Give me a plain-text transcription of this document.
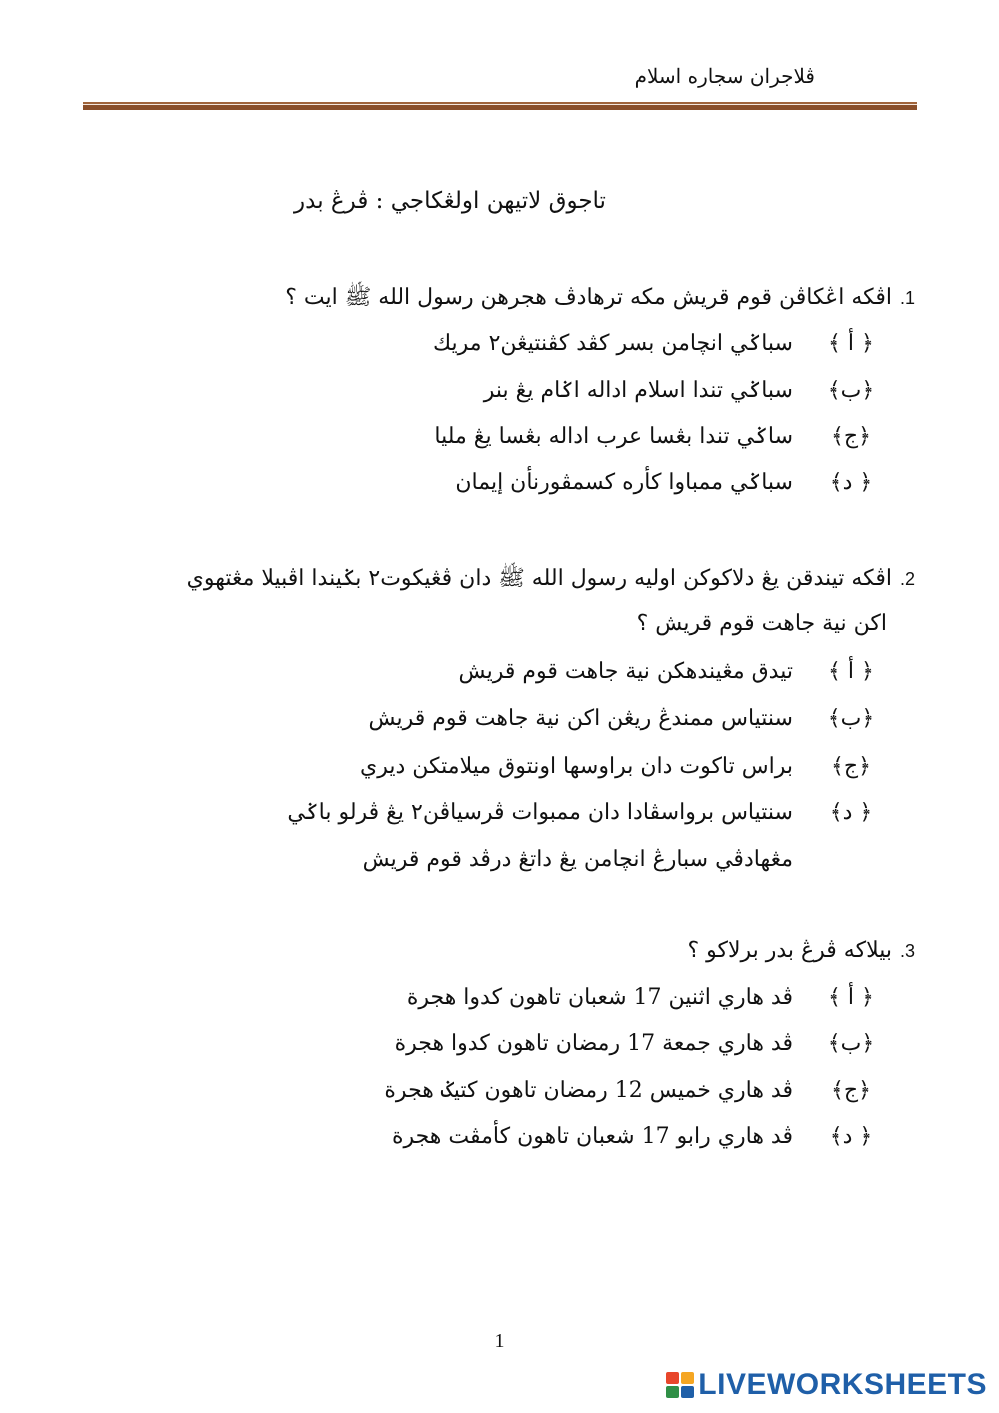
ڤلاجران سجاره اسلام
تاجوق لاتيهن اولڠكاجي : ڤرڠ بدر
1.اڤكه اڠكاڤن قوم قريش مكه ترهادڤ هجرهن رسول الله ﷺ ايت ؟
﴿ أ ﴾
سباݢي انچامن بسر كڤد كڤنتيڠن٢ مريك
﴿ب﴾
سباݢي تندا اسلام اداله اݢام يڠ بنر
﴿ج﴾
ساݢي تندا بڠسا عرب اداله بڠسا يڠ مليا
﴿ د﴾
سباݢي ممباوا كأره كسمڤورنأن إيمان
2.اڤكه تيندقن يڠ دلاكوكن اوليه رسول الله ﷺ دان ڤڠيكوت٢ بݢيندا اڤبيلا مڠتهوي
اكن نية جاهت قوم قريش ؟
﴿ أ ﴾
تيدق مڠيندهكن نية جاهت قوم قريش
﴿ب﴾
سنتياس ممندڠ ريڠن اكن نية جاهت قوم قريش
﴿ج﴾
براس تاكوت دان براوسها اونتوق ميلامتكن ديري
﴿ د﴾
سنتياس برواسڤادا دان ممبوات ڤرسياڤن٢ يڠ ڤرلو باݢي
مڠهادڤي سبارڠ انچامن يڠ داتڠ درڤد قوم قريش
3.بيلاكه ڤرڠ بدر برلاكو ؟
﴿ أ ﴾
ڤد هاري اثنين 17 شعبان تاهون كدوا هجرة
﴿ب﴾
ڤد هاري جمعة 17 رمضان تاهون كدوا هجرة
﴿ج﴾
ڤد هاري خميس 12 رمضان تاهون كتيݢ هجرة
﴿ د﴾
ڤد هاري رابو 17 شعبان تاهون كأمڤت هجرة
1
LIVEWORKSHEETS
